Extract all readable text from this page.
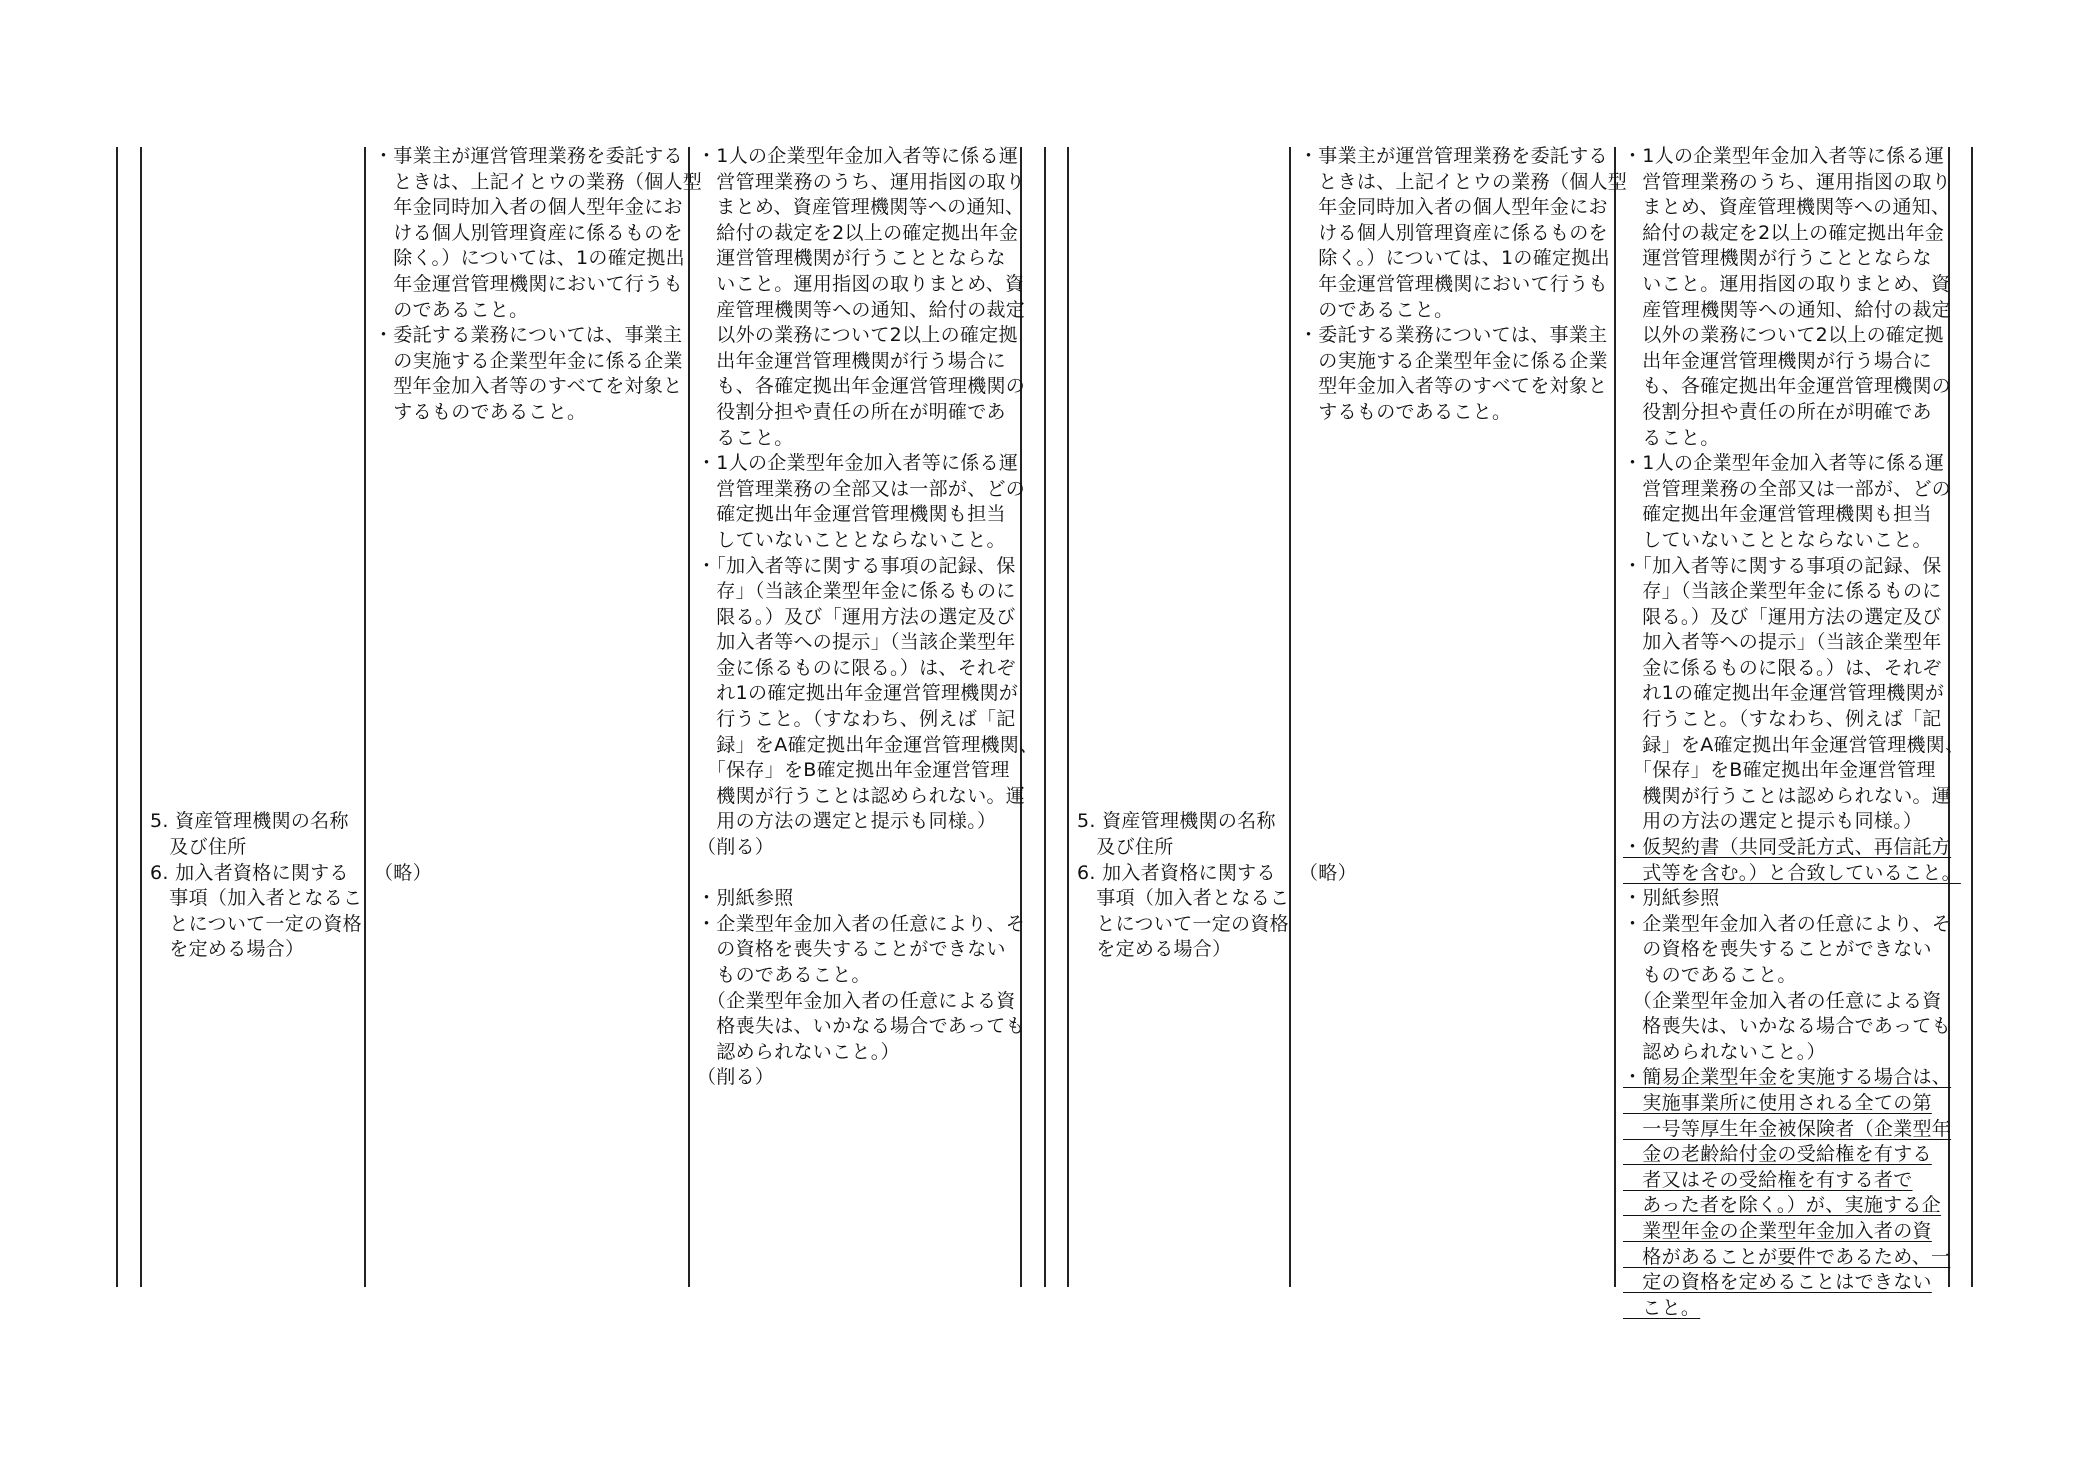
5. 資産管理機関の名称
　及び住所
6. 加入者資格に関する
　事項（加入者となるこ
　とについて一定の資格
　を定める場合）
・事業主が運営管理業務を委託する
　ときは、上記イとウの業務（個人型
　年金同時加入者の個人型年金にお
　ける個人別管理資産に係るものを
　除く。）については、1の確定拠出
　年金運営管理機関において行うも
　のであること。
・委託する業務については、事業主
　の実施する企業型年金に係る企業
　型年金加入者等のすべてを対象と
　するものであること。
（略）
・1人の企業型年金加入者等に係る運
　営管理業務のうち、運用指図の取り
　まとめ、資産管理機関等への通知、
　給付の裁定を2以上の確定拠出年金
　運営管理機関が行うこととならな
　いこと。運用指図の取りまとめ、資
　産管理機関等への通知、給付の裁定
　以外の業務について2以上の確定拠
　出年金運営管理機関が行う場合に
　も、各確定拠出年金運営管理機関の
　役割分担や責任の所在が明確であ
　ること。
・1人の企業型年金加入者等に係る運
　営管理業務の全部又は一部が、どの
　確定拠出年金運営管理機関も担当
　していないこととならないこと。
・「加入者等に関する事項の記録、保
　存」（当該企業型年金に係るものに
　限る。）及び「運用方法の選定及び
　加入者等への提示」（当該企業型年
　金に係るものに限る。）は、それぞ
　れ1の確定拠出年金運営管理機関が
　行うこと。（すなわち、例えば「記
　録」をA確定拠出年金運営管理機関、
　「保存」をB確定拠出年金運営管理
　機関が行うことは認められない。運
　用の方法の選定と提示も同様。）
（削る）
・別紙参照
・企業型年金加入者の任意により、そ
　の資格を喪失することができない
　ものであること。
　（企業型年金加入者の任意による資
　格喪失は、いかなる場合であっても
　認められないこと。）
（削る）
5. 資産管理機関の名称
　及び住所
6. 加入者資格に関する
　事項（加入者となるこ
　とについて一定の資格
　を定める場合）
・事業主が運営管理業務を委託する
　ときは、上記イとウの業務（個人型
　年金同時加入者の個人型年金にお
　ける個人別管理資産に係るものを
　除く。）については、1の確定拠出
　年金運営管理機関において行うも
　のであること。
・委託する業務については、事業主
　の実施する企業型年金に係る企業
　型年金加入者等のすべてを対象と
　するものであること。
（略）
・1人の企業型年金加入者等に係る運
　営管理業務のうち、運用指図の取り
　まとめ、資産管理機関等への通知、
　給付の裁定を2以上の確定拠出年金
　運営管理機関が行うこととならな
　いこと。運用指図の取りまとめ、資
　産管理機関等への通知、給付の裁定
　以外の業務について2以上の確定拠
　出年金運営管理機関が行う場合に
　も、各確定拠出年金運営管理機関の
　役割分担や責任の所在が明確であ
　ること。
・1人の企業型年金加入者等に係る運
　営管理業務の全部又は一部が、どの
　確定拠出年金運営管理機関も担当
　していないこととならないこと。
・「加入者等に関する事項の記録、保
　存」（当該企業型年金に係るものに
　限る。）及び「運用方法の選定及び
　加入者等への提示」（当該企業型年
　金に係るものに限る。）は、それぞ
　れ1の確定拠出年金運営管理機関が
　行うこと。（すなわち、例えば「記
　録」をA確定拠出年金運営管理機関、
　「保存」をB確定拠出年金運営管理
　機関が行うことは認められない。運
　用の方法の選定と提示も同様。）
・仮契約書（共同受託方式、再信託方
　式等を含む。）と合致していること。
・別紙参照
・企業型年金加入者の任意により、そ
　の資格を喪失することができない
　ものであること。
　（企業型年金加入者の任意による資
　格喪失は、いかなる場合であっても
　認められないこと。）
・簡易企業型年金を実施する場合は、
　実施事業所に使用される全ての第
　一号等厚生年金被保険者（企業型年
　金の老齢給付金の受給権を有する
　者又はその受給権を有する者で
　あった者を除く。）が、実施する企
　業型年金の企業型年金加入者の資
　格があることが要件であるため、一
　定の資格を定めることはできない
　こと。
